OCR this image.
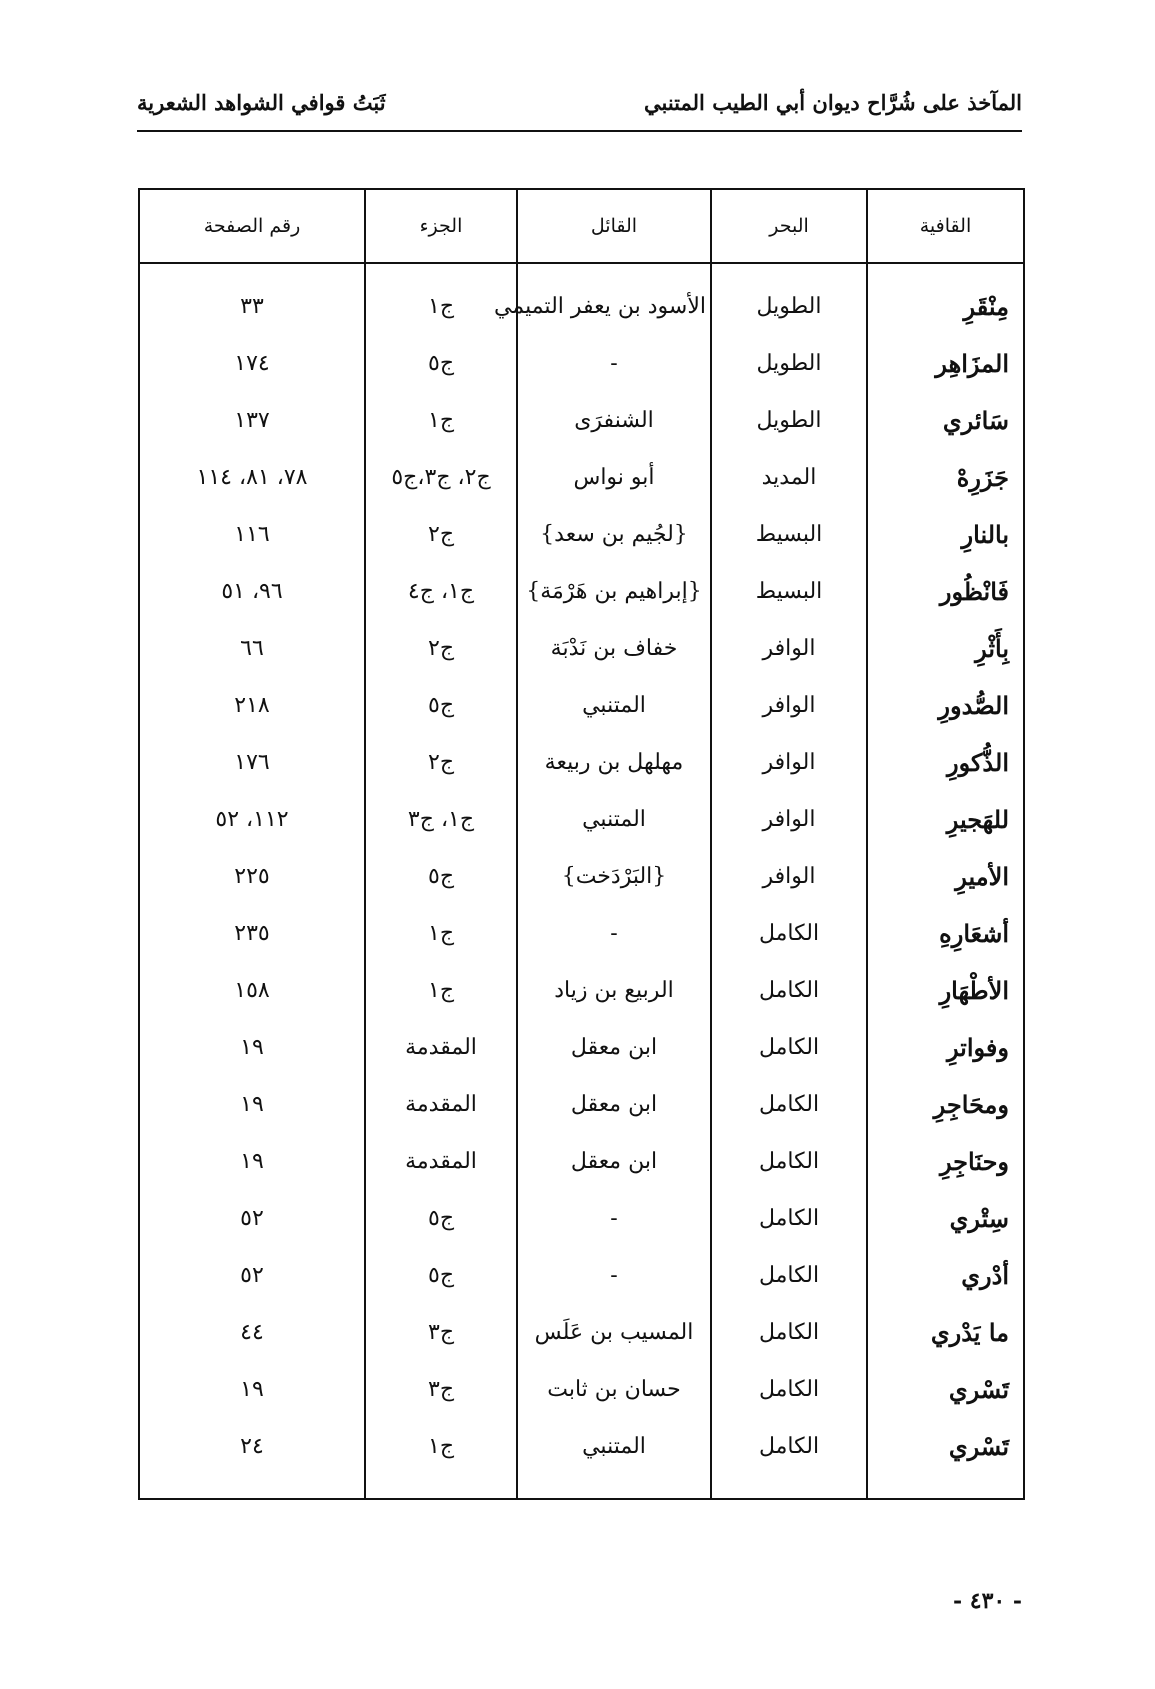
المآخذ على شُرَّاح ديوان أبي الطيب المتنبي
ثَبَتُ قوافي الشواهد الشعرية
القافية	البحر	القائل	الجزء	رقم الصفحة
مِنْقَرِ	الطويل	الأسود بن يعفر التميمي	ج١	٣٣
المزَاهِر	الطويل	-	ج٥	١٧٤
سَائري	الطويل	الشنفرَى	ج١	١٣٧
جَزَرِهْ	المديد	أبو نواس	ج٢، ج٣،ج٥	٧٨، ٨١، ١١٤
بالنارِ	البسيط	{لجُيم بن سعد}	ج٢	١١٦
فَانْظُور	البسيط	{إبراهيم بن هَرْمَة}	ج١، ج٤	٩٦، ٥١
بِأَثْرِ	الوافر	خفاف بن نَدْبَة	ج٢	٦٦
الصُّدورِ	الوافر	المتنبي	ج٥	٢١٨
الذُّكورِ	الوافر	مهلهل بن ربيعة	ج٢	١٧٦
للهَجيرِ	الوافر	المتنبي	ج١، ج٣	١١٢، ٥٢
الأميرِ	الوافر	{البَرْدَخت}	ج٥	٢٢٥
أشعَارِهِ	الكامل	-	ج١	٢٣٥
الأطْهَارِ	الكامل	الربيع بن زياد	ج١	١٥٨
وفواترِ	الكامل	ابن معقل	المقدمة	١٩
ومحَاجِرِ	الكامل	ابن معقل	المقدمة	١٩
وحنَاجِرِ	الكامل	ابن معقل	المقدمة	١٩
سِتْري	الكامل	-	ج٥	٥٢
أدْري	الكامل	-	ج٥	٥٢
ما يَدْري	الكامل	المسيب بن عَلَس	ج٣	٤٤
تَسْري	الكامل	حسان بن ثابت	ج٣	١٩
تَسْري	الكامل	المتنبي	ج١	٢٤

- ٤٣٠ -
